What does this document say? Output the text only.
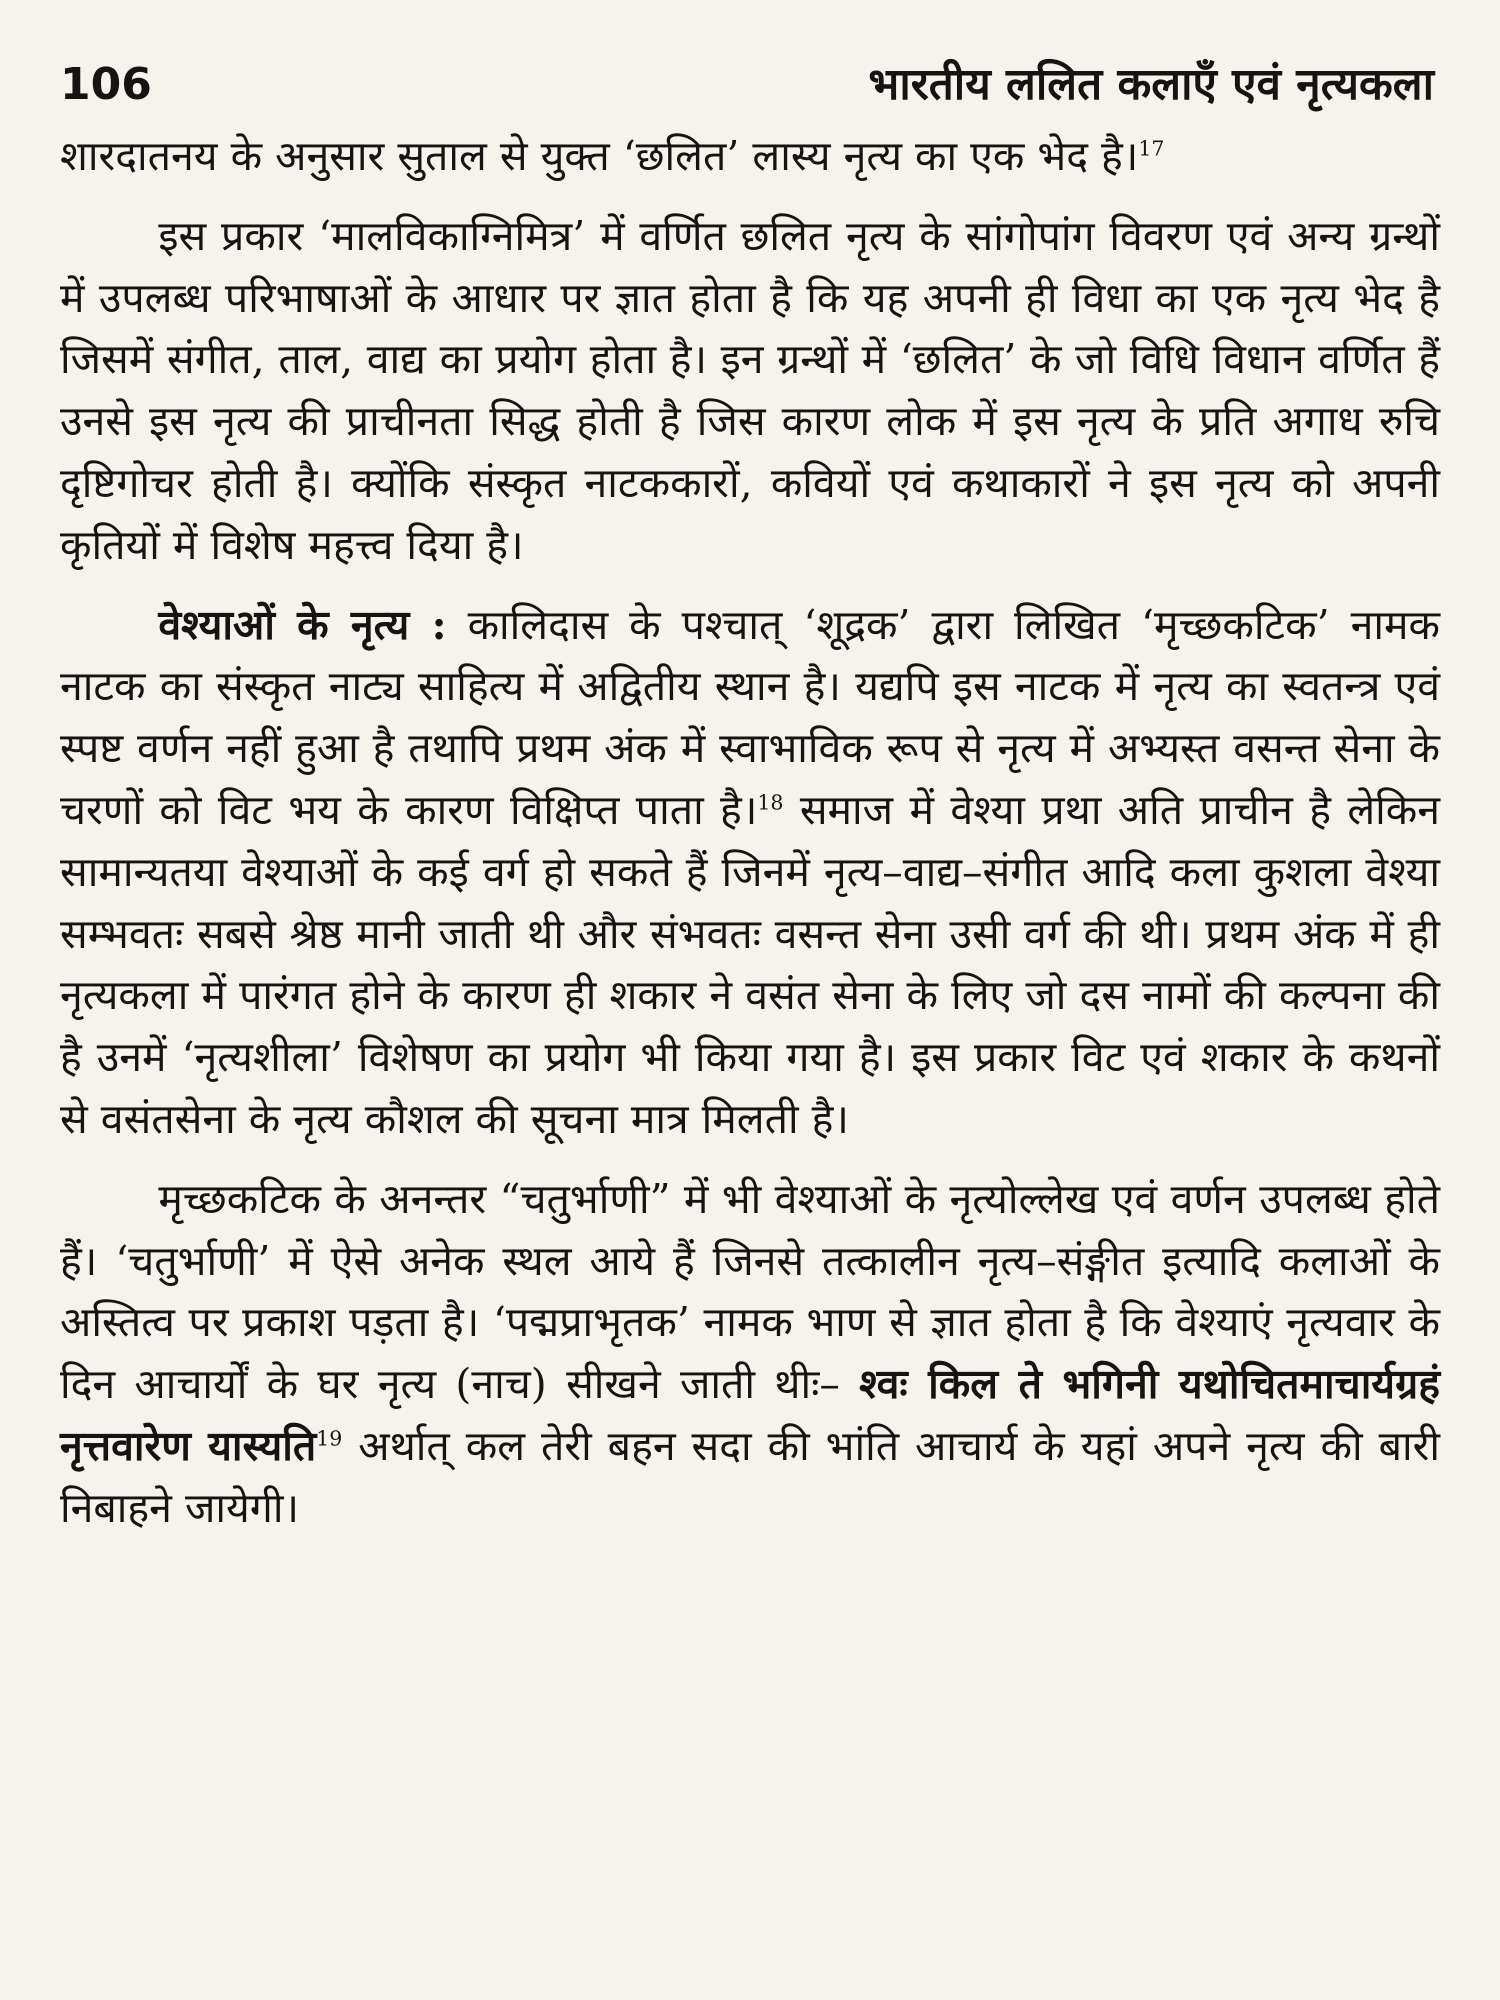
106	भारतीय ललित कलाएँ एवं नृत्यकला

शारदातनय के अनुसार सुताल से युक्त ‘छलित’ लास्य नृत्य का एक भेद है।$^{17}$

इस प्रकार ‘मालविकाग्निमित्र’ में वर्णित छलित नृत्य के सांगोपांग विवरण एवं अन्य ग्रन्थों में उपलब्ध परिभाषाओं के आधार पर ज्ञात होता है कि यह अपनी ही विधा का एक नृत्य भेद है जिसमें संगीत, ताल, वाद्य का प्रयोग होता है। इन ग्रन्थों में ‘छलित’ के जो विधि विधान वर्णित हैं उनसे इस नृत्य की प्राचीनता सिद्ध होती है जिस कारण लोक में इस नृत्य के प्रति अगाध रुचि दृष्टिगोचर होती है। क्योंकि संस्कृत नाटककारों, कवियों एवं कथाकारों ने इस नृत्य को अपनी कृतियों में विशेष महत्त्व दिया है।

वेश्याओं के नृत्य : कालिदास के पश्चात् ‘शूद्रक’ द्वारा लिखित ‘मृच्छकटिक’ नामक नाटक का संस्कृत नाट्य साहित्य में अद्वितीय स्थान है। यद्यपि इस नाटक में नृत्य का स्वतन्त्र एवं स्पष्ट वर्णन नहीं हुआ है तथापि प्रथम अंक में स्वाभाविक रूप से नृत्य में अभ्यस्त वसन्त सेना के चरणों को विट भय के कारण विक्षिप्त पाता है।$^{18}$ समाज में वेश्या प्रथा अति प्राचीन है लेकिन सामान्यतया वेश्याओं के कई वर्ग हो सकते हैं जिनमें नृत्य–वाद्य–संगीत आदि कला कुशला वेश्या सम्भवतः सबसे श्रेष्ठ मानी जाती थी और संभवतः वसन्त सेना उसी वर्ग की थी। प्रथम अंक में ही नृत्यकला में पारंगत होने के कारण ही शकार ने वसंत सेना के लिए जो दस नामों की कल्पना की है उनमें ‘नृत्यशीला’ विशेषण का प्रयोग भी किया गया है। इस प्रकार विट एवं शकार के कथनों से वसंतसेना के नृत्य कौशल की सूचना मात्र मिलती है।

मृच्छकटिक के अनन्तर “चतुर्भाणी” में भी वेश्याओं के नृत्योल्लेख एवं वर्णन उपलब्ध होते हैं। ‘चतुर्भाणी’ में ऐसे अनेक स्थल आये हैं जिनसे तत्कालीन नृत्य–संङ्गीत इत्यादि कलाओं के अस्तित्व पर प्रकाश पड़ता है। ‘पद्मप्राभृतक’ नामक भाण से ज्ञात होता है कि वेश्याएं नृत्यवार के दिन आचार्यों के घर नृत्य (नाच) सीखने जाती थीः– श्वः किल ते भगिनी यथोचितमाचार्यग्रहं नृत्तवारेण यास्यति$^{19}$ अर्थात् कल तेरी बहन सदा की भांति आचार्य के यहां अपने नृत्य की बारी निबाहने जायेगी।
